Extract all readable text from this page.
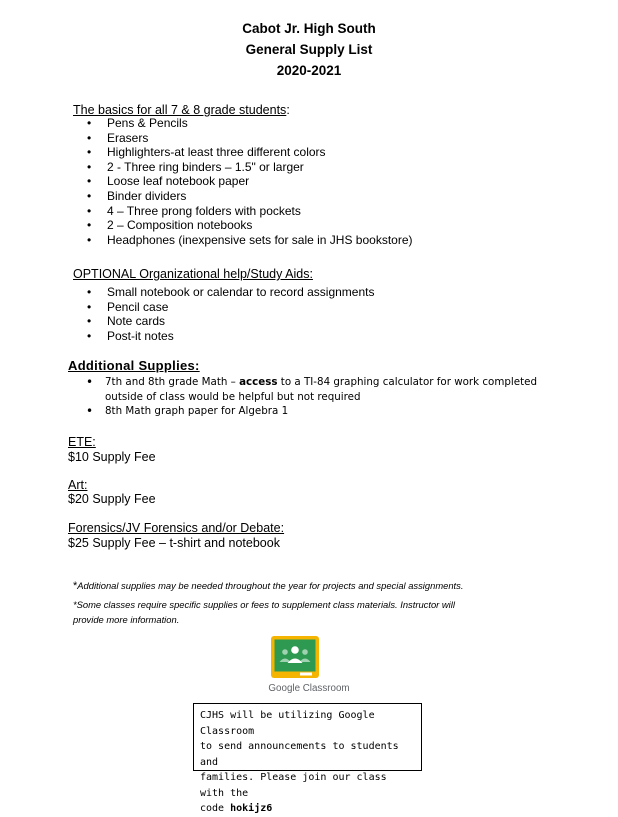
Cabot Jr. High South
General Supply List
2020-2021
The basics for all 7 & 8 grade students:
• Pens & Pencils
• Erasers
• Highlighters-at least three different colors
• 2 - Three ring binders – 1.5" or larger
• Loose leaf notebook paper
• Binder dividers
• 4 – Three prong folders with pockets
• 2 – Composition notebooks
• Headphones (inexpensive sets for sale in JHS bookstore)
OPTIONAL Organizational help/Study Aids:
• Small notebook or calendar to record assignments
• Pencil case
• Note cards
• Post-it notes
Additional Supplies:
• 7th and 8th grade Math – access to a TI-84 graphing calculator for work completed
outside of class would be helpful but not required
• 8th Math graph paper for Algebra 1
ETE:
$10 Supply Fee
Art:
$20 Supply Fee
Forensics/JV Forensics and/or Debate:
$25 Supply Fee – t-shirt and notebook
*Additional supplies may be needed throughout the year for projects and special assignments.
*Some classes require specific supplies or fees to supplement class materials. Instructor will
provide more information.
Google Classroom
CJHS will be utilizing Google Classroom
to send announcements to students and
families. Please join our class with the
code hokijz6
